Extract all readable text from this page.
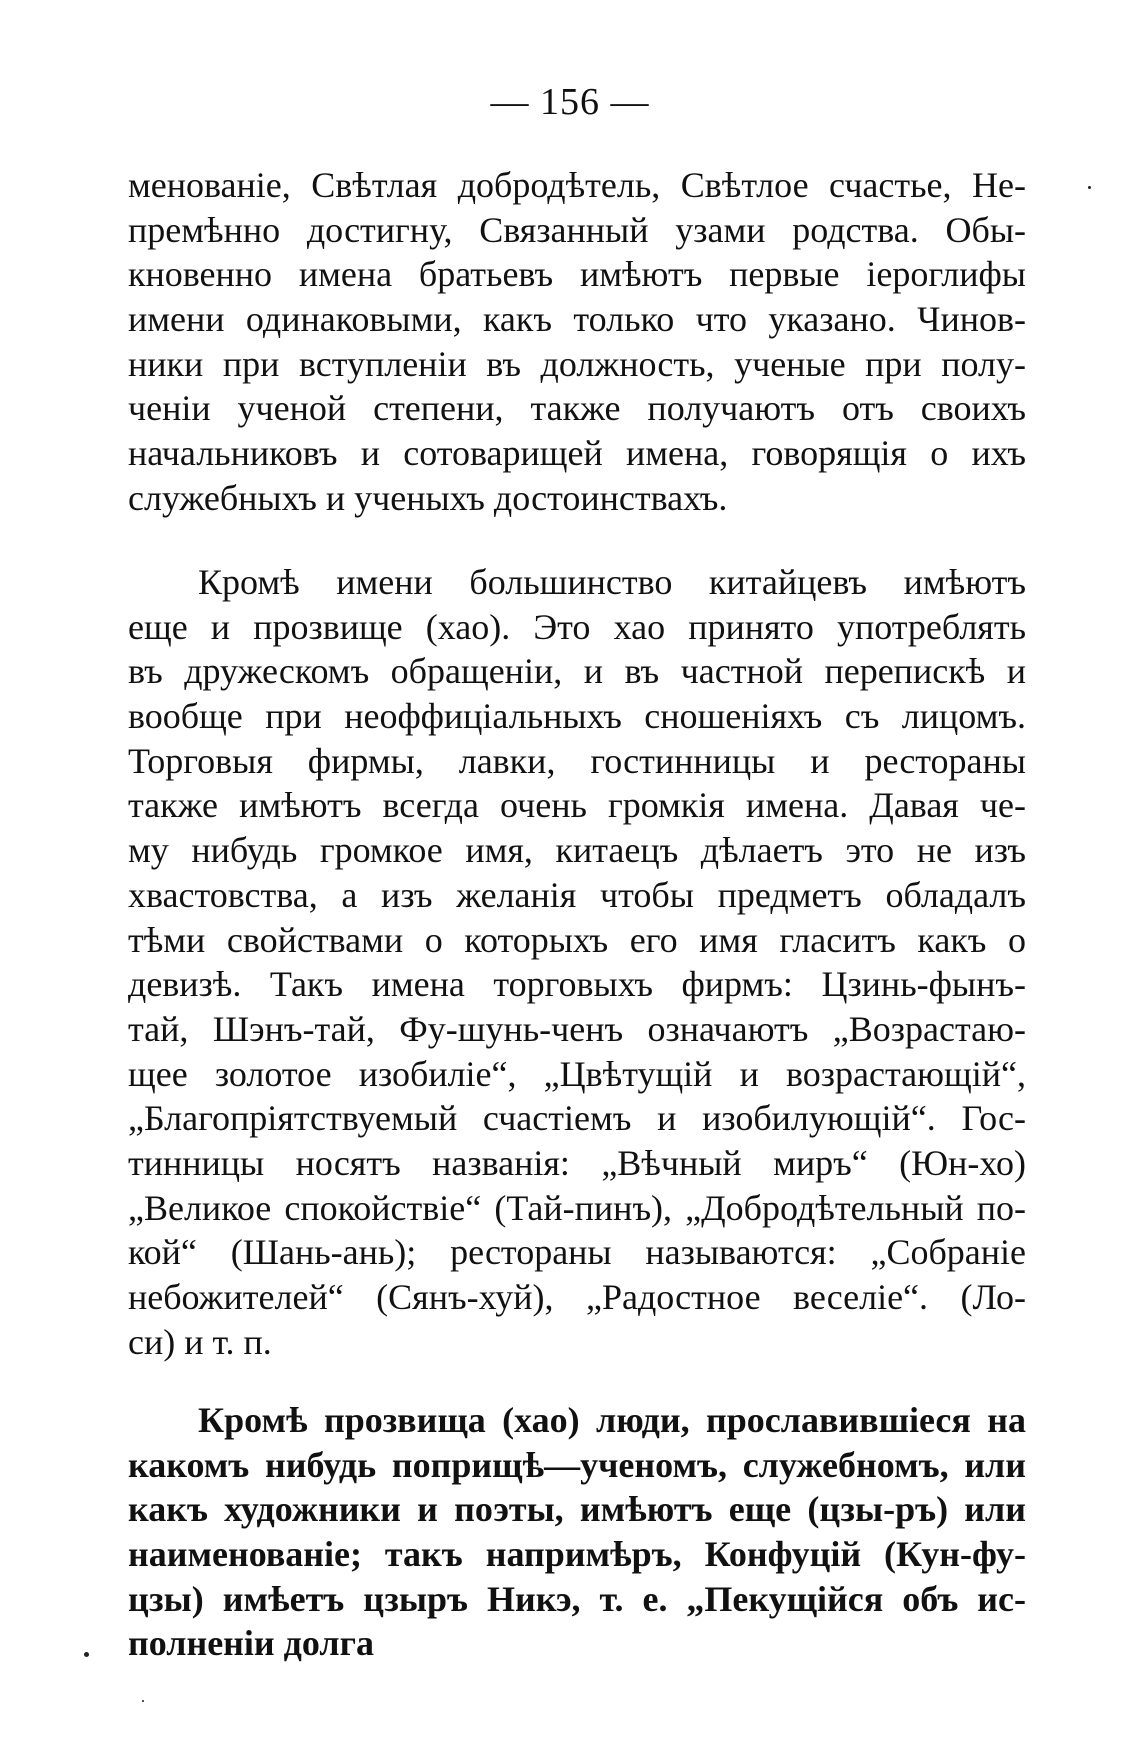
— 156 —
менованіе, Свѣтлая добродѣтель, Свѣтлое счастье, Не-
премѣнно достигну, Связанный узами родства. Обы-
кновенно имена братьевъ имѣютъ первые іероглифы
имени одинаковыми, какъ только что указано. Чинов-
ники при вступленіи въ должность, ученые при полу-
ченіи ученой степени, также получаютъ отъ своихъ
начальниковъ и сотоварищей имена, говорящія о ихъ
служебныхъ и ученыхъ достоинствахъ.
Кромѣ имени большинство китайцевъ имѣютъ
еще и прозвище (хао). Это хао принято употреблять
въ дружескомъ обращеніи, и въ частной перепискѣ и
вообще при неоффиціальныхъ сношеніяхъ съ лицомъ.
Торговыя фирмы, лавки, гостинницы и рестораны
также имѣютъ всегда очень громкія имена. Давая че-
му нибудь громкое имя, китаецъ дѣлаетъ это не изъ
хвастовства, а изъ желанія чтобы предметъ обладалъ
тѣми свойствами о которыхъ его имя гласитъ какъ о
девизѣ. Такъ имена торговыхъ фирмъ: Цзинь-фынъ-
тай, Шэнъ-тай, Фу-шунь-ченъ означаютъ „Возрастаю-
щее золотое изобиліе“, „Цвѣтущій и возрастающій“,
„Благопріятствуемый счастіемъ и изобилующій“. Гос-
тинницы носятъ названія: „Вѣчный миръ“ (Юн-хо)
„Великое спокойствіе“ (Тай-пинъ), „Добродѣтельный по-
кой“ (Шань-ань); рестораны называются: „Собраніе
небожителей“ (Сянъ-хуй), „Радостное веселіе“. (Ло-
си) и т. п.
Кромѣ прозвища (хао) люди, прославившіеся на
какомъ нибудь поприщѣ—ученомъ, служебномъ, или
какъ художники и поэты, имѣютъ еще (цзы-ръ) или
наименованіе; такъ напримѣръ, Конфуцій (Кун-фу-
цзы) имѣетъ цзыръ Никэ, т. е. „Пекущійся объ ис-
полненіи долга
